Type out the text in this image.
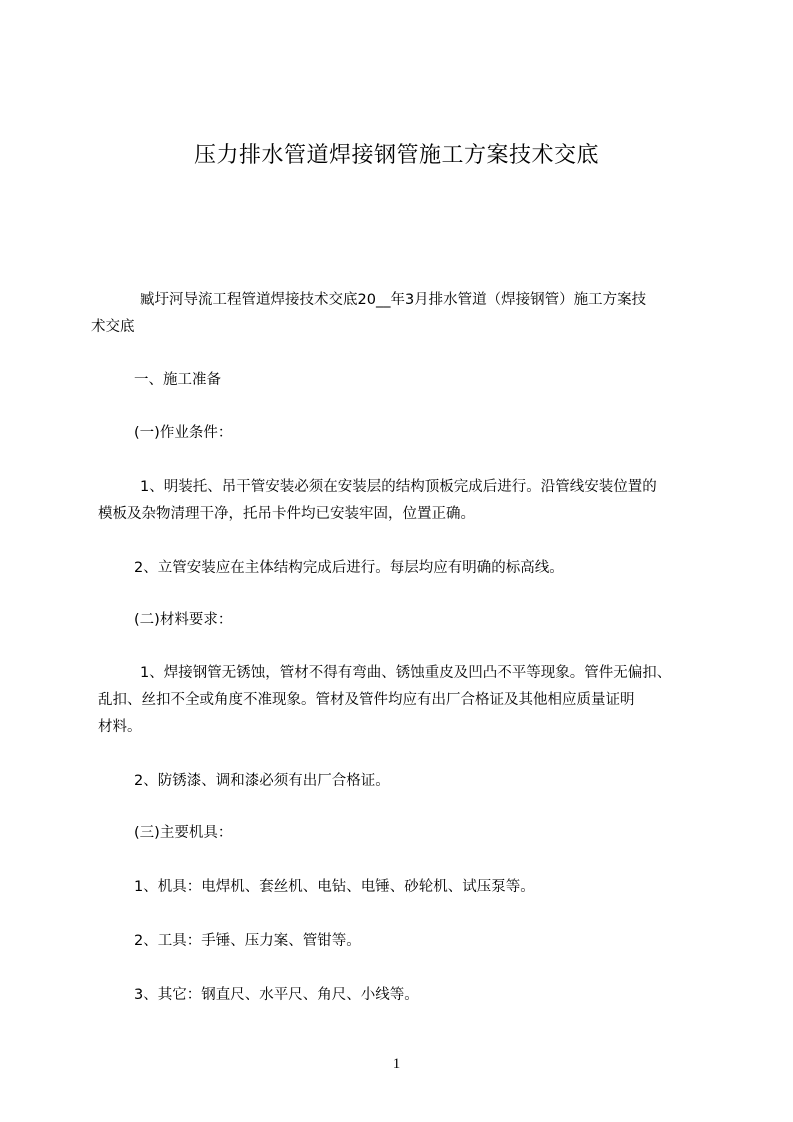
压力排水管道焊接钢管施工方案技术交底
臧圩河导流工程管道焊接技术交底20__年3月排水管道（焊接钢管）施工方案技
术交底
一、施工准备
(一)作业条件：
1、明装托、吊干管安装必须在安装层的结构顶板完成后进行。沿管线安装位置的
模板及杂物清理干净，托吊卡件均已安装牢固，位置正确。
2、立管安装应在主体结构完成后进行。每层均应有明确的标高线。
(二)材料要求：
1、焊接钢管无锈蚀，管材不得有弯曲、锈蚀重皮及凹凸不平等现象。管件无偏扣、
乱扣、丝扣不全或角度不准现象。管材及管件均应有出厂合格证及其他相应质量证明
材料。
2、防锈漆、调和漆必须有出厂合格证。
(三)主要机具：
1、机具：电焊机、套丝机、电钻、电锤、砂轮机、试压泵等。
2、工具：手锤、压力案、管钳等。
3、其它：钢直尺、水平尺、角尺、小线等。
1
